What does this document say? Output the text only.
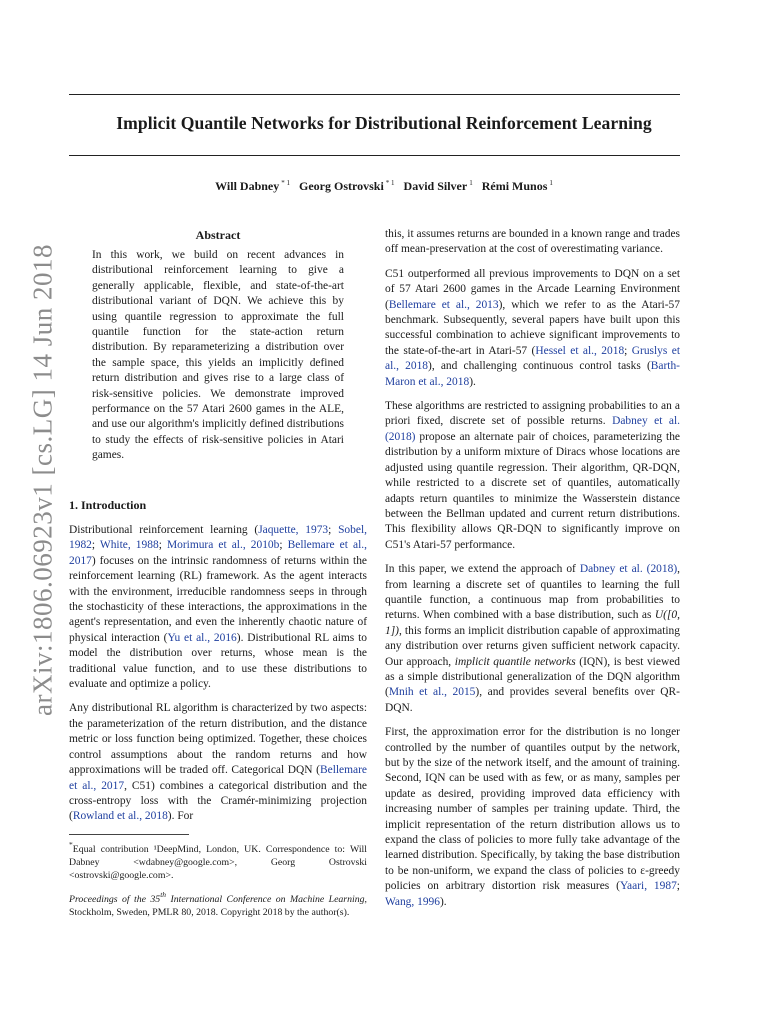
arXiv:1806.06923v1 [cs.LG] 14 Jun 2018
Implicit Quantile Networks for Distributional Reinforcement Learning
Will Dabney $^{* 1}$ Georg Ostrovski $^{* 1}$ David Silver $^1$ Rémi Munos $^1$
Abstract
In this work, we build on recent advances in distributional reinforcement learning to give a generally applicable, flexible, and state-of-the-art distributional variant of DQN. We achieve this by using quantile regression to approximate the full quantile function for the state-action return distribution. By reparameterizing a distribution over the sample space, this yields an implicitly defined return distribution and gives rise to a large class of risk-sensitive policies. We demonstrate improved performance on the 57 Atari 2600 games in the ALE, and use our algorithm's implicitly defined distributions to study the effects of risk-sensitive policies in Atari games.
1. Introduction

Distributional reinforcement learning (Jaquette, 1973; Sobel, 1982; White, 1988; Morimura et al., 2010b; Bellemare et al., 2017) focuses on the intrinsic randomness of returns within the reinforcement learning (RL) framework. As the agent interacts with the environment, irreducible randomness seeps in through the stochasticity of these interactions, the approximations in the agent's representation, and even the inherently chaotic nature of physical interaction (Yu et al., 2016). Distributional RL aims to model the distribution over returns, whose mean is the traditional value function, and to use these distributions to evaluate and optimize a policy.

Any distributional RL algorithm is characterized by two aspects: the parameterization of the return distribution, and the distance metric or loss function being optimized. Together, these choices control assumptions about the random returns and how approximations will be traded off. Categorical DQN (Bellemare et al., 2017, C51) combines a categorical distribution and the cross-entropy loss with the Cramér-minimizing projection (Rowland et al., 2018). For

*Equal contribution ¹DeepMind, London, UK. Correspondence to: Will Dabney <wdabney@google.com>, Georg Ostrovski <ostrovski@google.com>.
Proceedings of the 35th International Conference on Machine Learning, Stockholm, Sweden, PMLR 80, 2018. Copyright 2018 by the author(s).

this, it assumes returns are bounded in a known range and trades off mean-preservation at the cost of overestimating variance.

C51 outperformed all previous improvements to DQN on a set of 57 Atari 2600 games in the Arcade Learning Environment (Bellemare et al., 2013), which we refer to as the Atari-57 benchmark. Subsequently, several papers have built upon this successful combination to achieve significant improvements to the state-of-the-art in Atari-57 (Hessel et al., 2018; Gruslys et al., 2018), and challenging continuous control tasks (Barth-Maron et al., 2018).

These algorithms are restricted to assigning probabilities to an a priori fixed, discrete set of possible returns. Dabney et al. (2018) propose an alternate pair of choices, parameterizing the distribution by a uniform mixture of Diracs whose locations are adjusted using quantile regression. Their algorithm, QR-DQN, while restricted to a discrete set of quantiles, automatically adapts return quantiles to minimize the Wasserstein distance between the Bellman updated and current return distributions. This flexibility allows QR-DQN to significantly improve on C51's Atari-57 performance.

In this paper, we extend the approach of Dabney et al. (2018), from learning a discrete set of quantiles to learning the full quantile function, a continuous map from probabilities to returns. When combined with a base distribution, such as U([0, 1]), this forms an implicit distribution capable of approximating any distribution over returns given sufficient network capacity. Our approach, implicit quantile networks (IQN), is best viewed as a simple distributional generalization of the DQN algorithm (Mnih et al., 2015), and provides several benefits over QR-DQN.

First, the approximation error for the distribution is no longer controlled by the number of quantiles output by the network, but by the size of the network itself, and the amount of training. Second, IQN can be used with as few, or as many, samples per update as desired, providing improved data efficiency with increasing number of samples per training update. Third, the implicit representation of the return distribution allows us to expand the class of policies to more fully take advantage of the learned distribution. Specifically, by taking the base distribution to be non-uniform, we expand the class of policies to ε-greedy policies on arbitrary distortion risk measures (Yaari, 1987; Wang, 1996).
